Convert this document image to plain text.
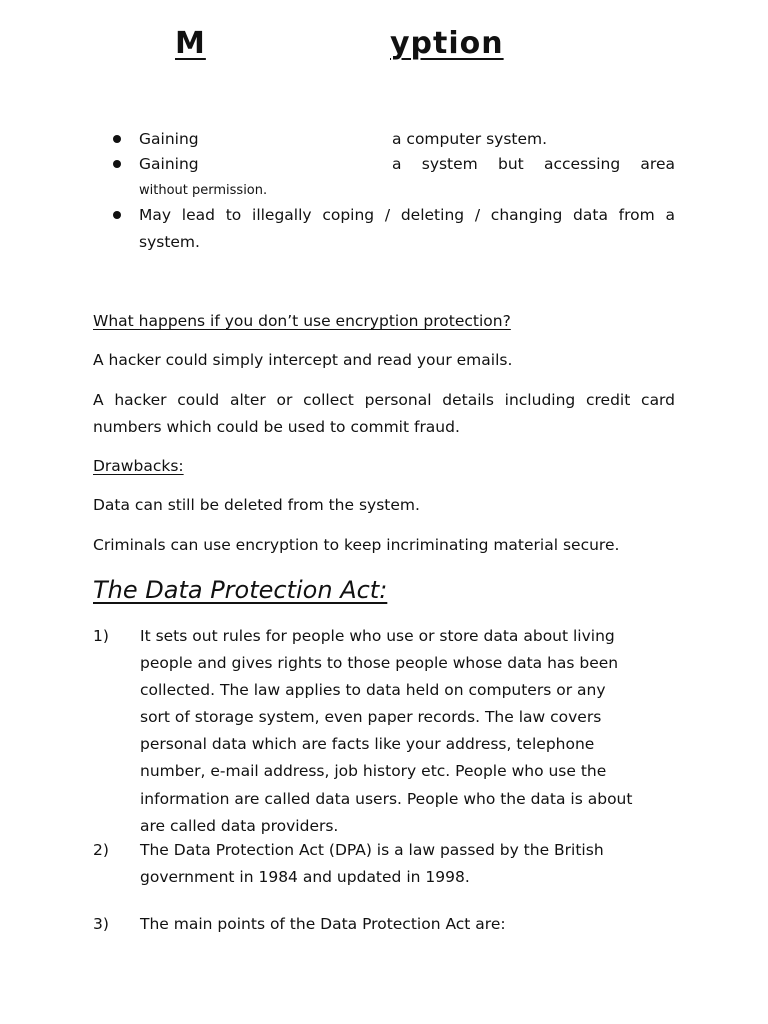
M	yption
Gaining	a computer system.
Gaining	a system but accessing area
without permission.
May lead to illegally coping / deleting / changing data from a
system.
What happens if you don’t use encryption protection?
A hacker could simply intercept and read your emails.
A hacker could alter or collect personal details including credit card
numbers which could be used to commit fraud.
Drawbacks:
Data can still be deleted from the system.
Criminals can use encryption to keep incriminating material secure.
The Data Protection Act:
1) It sets out rules for people who use or store data about living
people and gives rights to those people whose data has been
collected. The law applies to data held on computers or any
sort of storage system, even paper records. The law covers
personal data which are facts like your address, telephone
number, e-mail address, job history etc. People who use the
information are called data users. People who the data is about
are called data providers.
2) The Data Protection Act (DPA) is a law passed by the British
government in 1984 and updated in 1998.
3) The main points of the Data Protection Act are:
